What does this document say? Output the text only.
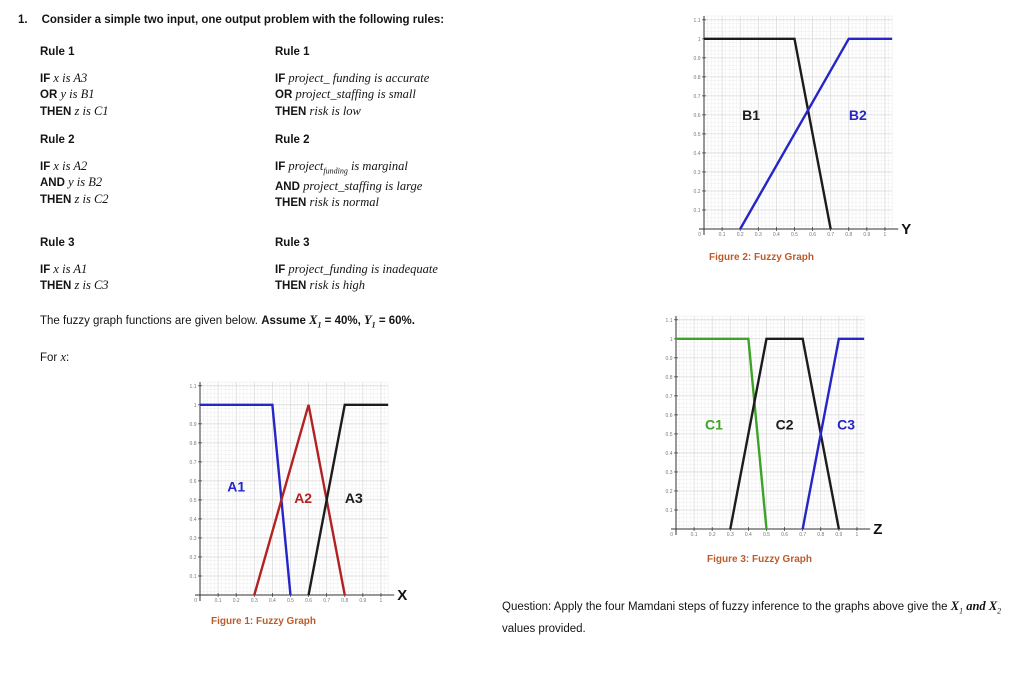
1. Consider a simple two input, one output problem with the following rules:
Rule 1
IF x is A3
OR y is B1
THEN z is C1
Rule 2
IF x is A2
AND y is B2
THEN z is C2
Rule 3
IF x is A1
THEN z is C3
Rule 1
IF project_ funding is accurate
OR project_staffing is small
THEN risk is low
Rule 2
IF project$_{funding}$ is marginal
AND project_staffing is large
THEN risk is normal
Rule 3
IF project_funding is inadequate
THEN risk is high
The fuzzy graph functions are given below. Assume $X_1 = 40\%$, $Y_1 = 60\%$.
For x:
0	0.1 0.2 0.3 0.4 0.5 0.6 0.7 0.8 0.9	1
0.1
0.2
0.3
0.4
0.5
0.6
0.7
0.8
0.9
1
1.1
A1
A2 A3
X
0	0.1 0.2 0.3 0.4 0.5 0.6 0.7 0.8 0.9	1
0.1
0.2
0.3
0.4
0.5
0.6
0.7
0.8
0.9
1
1.1
B1	B2
Y
0	0.1 0.2 0.3 0.4 0.5 0.6 0.7 0.8 0.9	1
0.1
0.2
0.3
0.4
0.5
0.6
0.7
0.8
0.9
1
1.1
C1	C2	C3
Z
Figure 1: Fuzzy Graph
Figure 2: Fuzzy Graph
Figure 3: Fuzzy Graph
Question: Apply the four Mamdani steps of fuzzy inference to the graphs above give the $X_1$ and $X_2$
values provided.
